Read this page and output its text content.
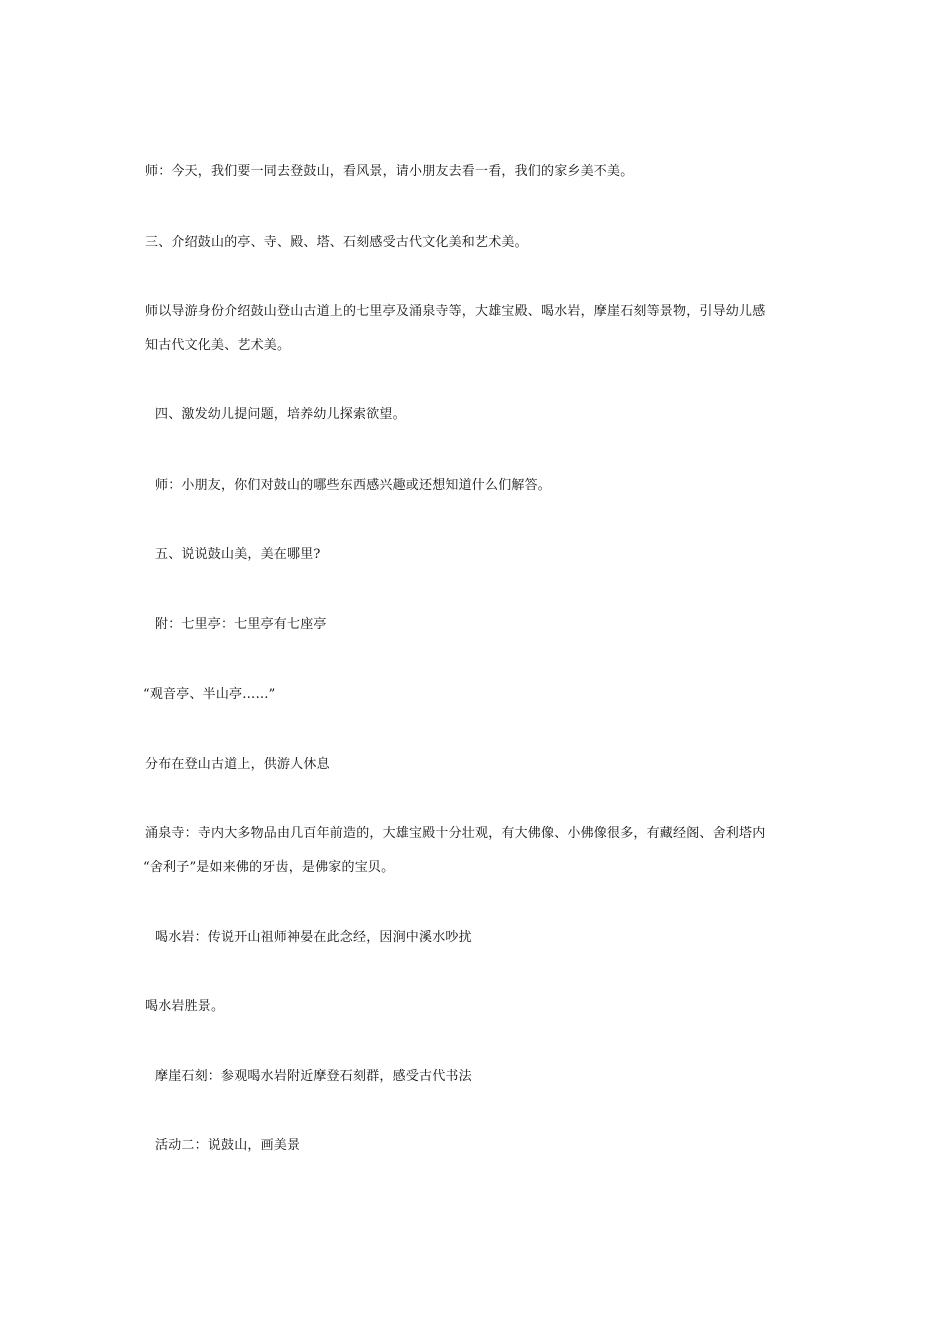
师：今天，我们要一同去登鼓山，看风景，请小朋友去看一看，我们的家乡美不美。
三、介绍鼓山的亭、寺、殿、塔、石刻感受古代文化美和艺术美。
师以导游身份介绍鼓山登山古道上的七里亭及涌泉寺等，大雄宝殿、喝水岩，摩崖石刻等景物，引导幼儿感
知古代文化美、艺术美。
四、激发幼儿提问题，培养幼儿探索欲望。
师：小朋友，你们对鼓山的哪些东西感兴趣或还想知道什么们解答。
五、说说鼓山美，美在哪里?
附：七里亭：七里亭有七座亭
“观音亭、半山亭……”
分布在登山古道上，供游人休息
涌泉寺：寺内大多物品由几百年前造的，大雄宝殿十分壮观，有大佛像、小佛像很多，有藏经阁、舍利塔内
“舍利子”是如来佛的牙齿，是佛家的宝贝。
喝水岩：传说开山祖师神晏在此念经，因涧中溪水吵扰
喝水岩胜景。
摩崖石刻：参观喝水岩附近摩登石刻群，感受古代书法
活动二：说鼓山，画美景
